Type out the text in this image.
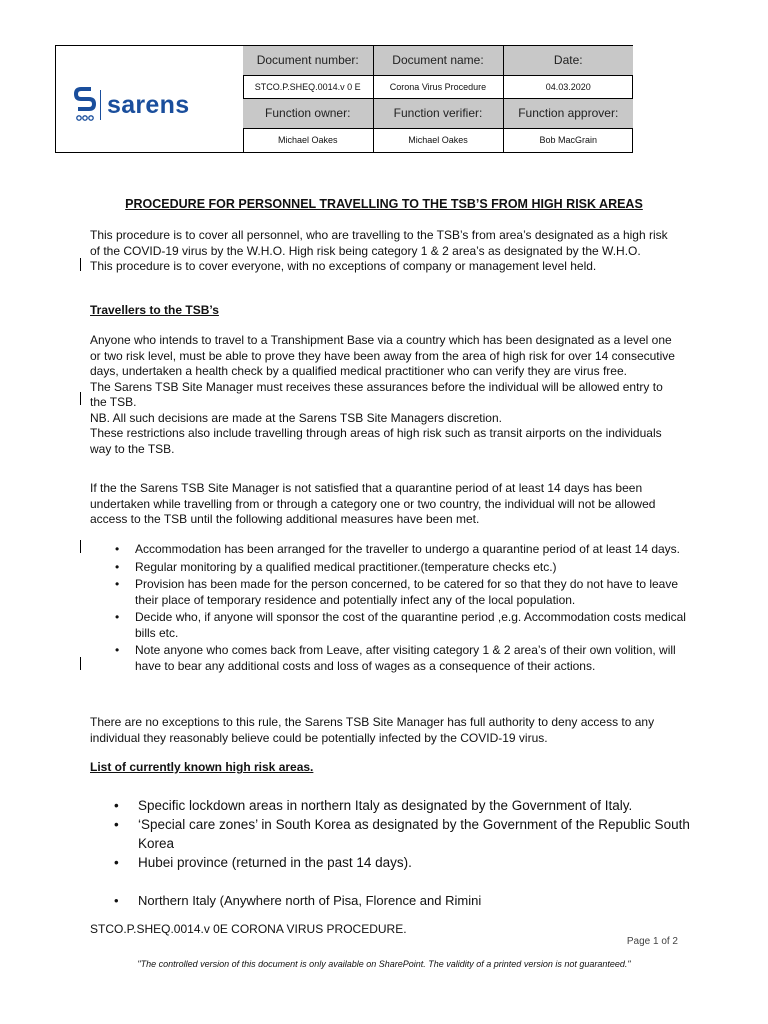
sarens
Document number:	Document name:	Date:
STCO.P.SHEQ.0014.v 0 E	Corona Virus Procedure	04.03.2020
Function owner:	Function verifier:	Function approver:
Michael Oakes	Michael Oakes	Bob MacGrain
PROCEDURE FOR PERSONNEL TRAVELLING TO THE TSB’S FROM HIGH RISK AREAS

This procedure is to cover all personnel, who are travelling to the TSB’s from area’s designated as a high risk of the COVID-19 virus by the W.H.O. High risk being category 1 & 2 area’s as designated by the W.H.O.

This procedure is to cover everyone, with no exceptions of company or management level held.

Travellers to the TSB’s

Anyone who intends to travel to a Transhipment Base via a country which has been designated as a level one or two risk level, must be able to prove they have been away from the area of high risk for over 14 consecutive days, undertaken a health check by a qualified medical practitioner who can verify they are virus free.

The Sarens TSB Site Manager must receives these assurances before the individual will be allowed entry to the TSB.

NB. All such decisions are made at the Sarens TSB Site Managers discretion.

These restrictions also include travelling through areas of high risk such as transit airports on the individuals way to the TSB.

If the the Sarens TSB Site Manager is not satisfied that a quarantine period of at least 14 days has been undertaken while travelling from or through a category one or two country, the individual will not be allowed access to the TSB until the following additional measures have been met.
• Accommodation has been arranged for the traveller to undergo a quarantine period of at least 14 days.
• Regular monitoring by a qualified medical practitioner.(temperature checks etc.)
• Provision has been made for the person concerned, to be catered for so that they do not have to leave their place of temporary residence and potentially infect any of the local population.
• Decide who, if anyone will sponsor the cost of the quarantine period ,e.g. Accommodation costs medical bills etc.
• Note anyone who comes back from Leave, after visiting category 1 & 2 area’s of their own volition, will have to bear any additional costs and loss of wages as a consequence of their actions.
There are no exceptions to this rule, the Sarens TSB Site Manager has full authority to deny access to any individual they reasonably believe could be potentially infected by the COVID-19 virus.
List of currently known high risk areas.
• Specific lockdown areas in northern Italy as designated by the Government of Italy.
• ‘Special care zones’ in South Korea as designated by the Government of the Republic South Korea
• Hubei province (returned in the past 14 days).
• Northern Italy (Anywhere north of Pisa, Florence and Rimini
STCO.P.SHEQ.0014.v 0E CORONA VIRUS PROCEDURE.
Page 1 of 2
"The controlled version of this document is only available on SharePoint. The validity of a printed version is not guaranteed."
